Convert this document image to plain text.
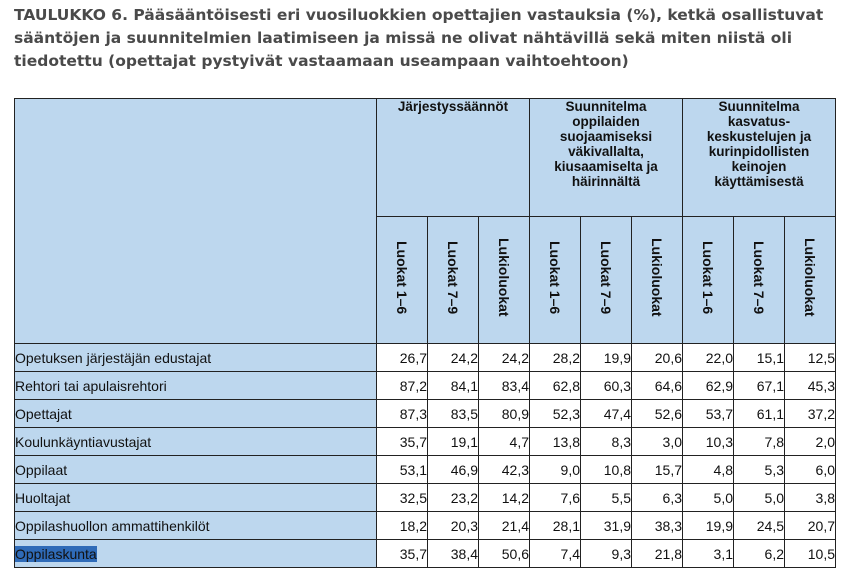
TAULUKKO 6. Pääsääntöisesti eri vuosiluokkien opettajien vastauksia (%), ketkä osallistuvat sääntöjen ja suunnitelmien laatimiseen ja missä ne olivat nähtävillä sekä miten niistä oli tiedotettu (opettajat pystyivät vastaamaan useampaan vaihtoehtoon)
	Järjestyssäännöt			Suunnitelma oppilaiden suojaamiseksi väkivallalta, kiusaamiselta ja häirinnältä			Suunnitelma kasvatus-keskustelujen ja kurinpidollisten keinojen käyttämisestä		

	Luokat 1–6	Luokat 7–9	Lukioluokat	Luokat 1–6	Luokat 7–9	Lukioluokat	Luokat 1–6	Luokat 7–9	Lukioluokat
Opetuksen järjestäjän edustajat	26,7	24,2	24,2	28,2	19,9	20,6	22,0	15,1	12,5
Rehtori tai apulaisrehtori	87,2	84,1	83,4	62,8	60,3	64,6	62,9	67,1	45,3
Opettajat	87,3	83,5	80,9	52,3	47,4	52,6	53,7	61,1	37,2
Koulunkäyntiavustajat	35,7	19,1	4,7	13,8	8,3	3,0	10,3	7,8	2,0
Oppilaat	53,1	46,9	42,3	9,0	10,8	15,7	4,8	5,3	6,0
Huoltajat	32,5	23,2	14,2	7,6	5,5	6,3	5,0	5,0	3,8
Oppilashuollon ammattihenkilöt	18,2	20,3	21,4	28,1	31,9	38,3	19,9	24,5	20,7
Oppilaskunta	35,7	38,4	50,6	7,4	9,3	21,8	3,1	6,2	10,5
